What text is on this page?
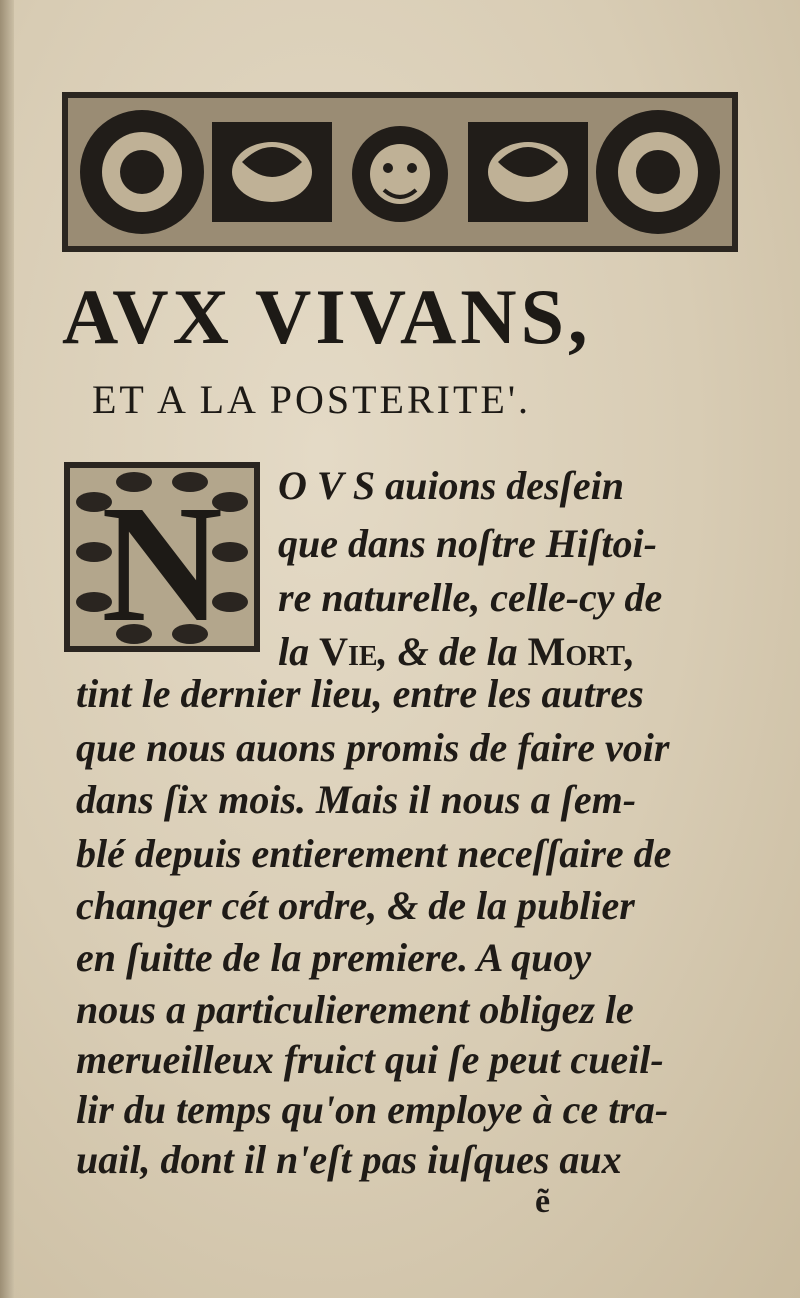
AVX VIVANS,
ET A LA POSTERITE'.
N O V S auions desſein
que dans noſtre Hiſtoi-
re naturelle, celle-cy de
la Vie, & de la Mort,
tint le dernier lieu, entre les autres
que nous auons promis de faire voir
dans ſix mois. Mais il nous a ſem-
blé depuis entierement neceſſaire de
changer cét ordre, & de la publier
en ſuitte de la premiere. A quoy
nous a particulierement obligez le
merueilleux fruict qui ſe peut cueil-
lir du temps qu'on employe à ce tra-
uail, dont il n'eſt pas iuſques aux
ẽ
